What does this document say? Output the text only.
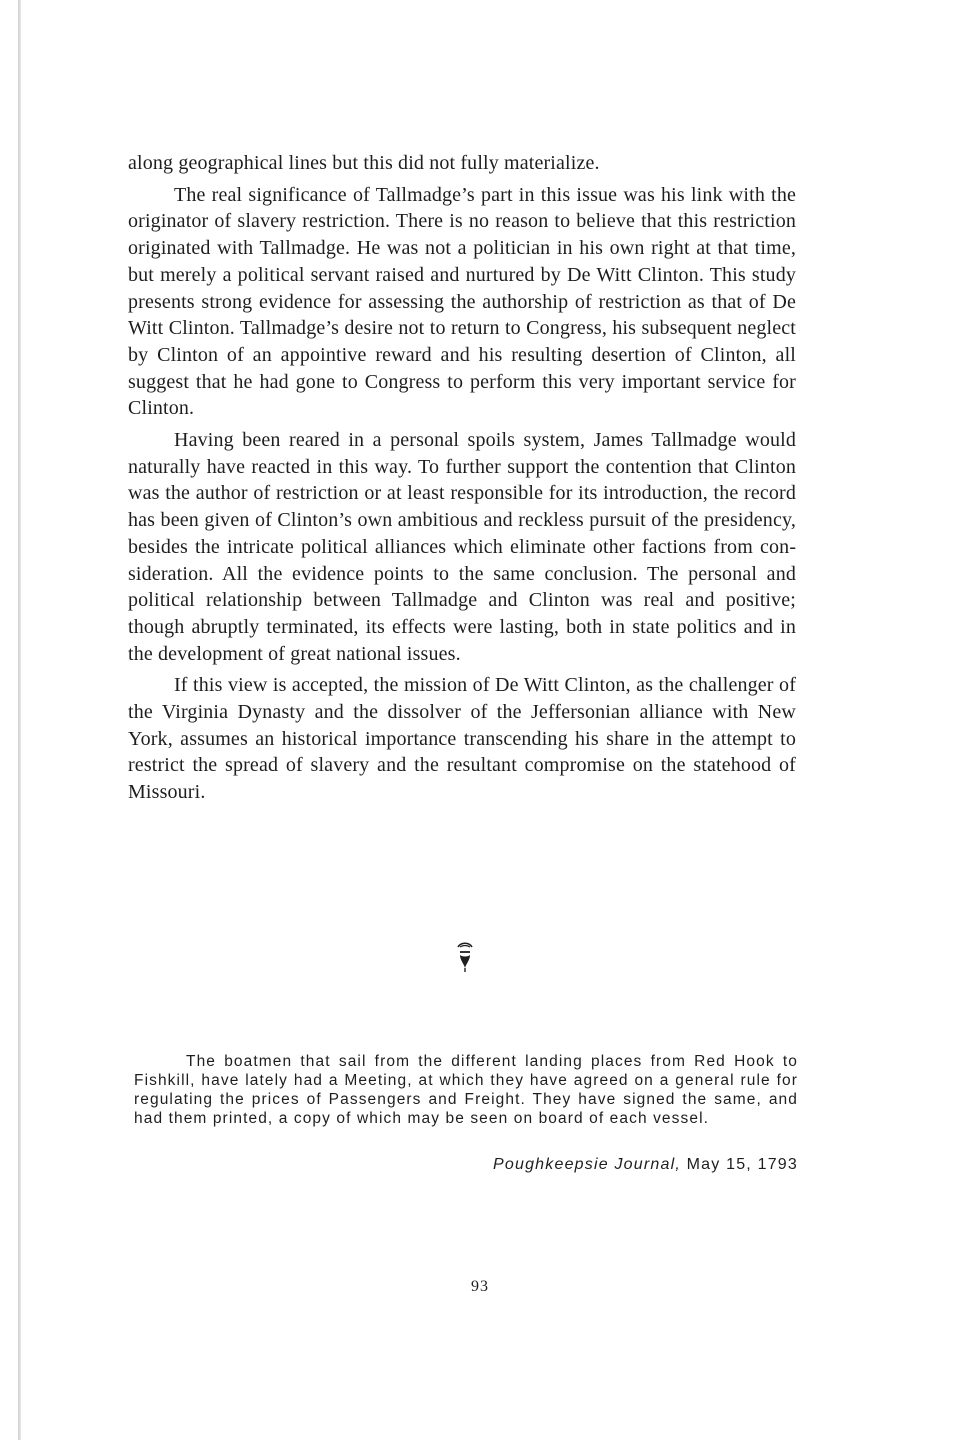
along geographical lines but this did not fully materialize.

The real significance of Tallmadge’s part in this issue was his link with the originator of slavery restriction. There is no reason to believe that this restriction originated with Tallmadge. He was not a politician in his own right at that time, but merely a political servant raised and nurtured by De Witt Clinton. This study presents strong evidence for assessing the authorship of restriction as that of De Witt Clinton. Tallmadge’s desire not to return to Congress, his subsequent neglect by Clinton of an appointive reward and his resulting desertion of Clinton, all suggest that he had gone to Congress to perform this very important service for Clinton.

Having been reared in a personal spoils system, James Tallmadge would naturally have reacted in this way. To further support the contention that Clinton was the author of restriction or at least responsible for its introduction, the record has been given of Clinton’s own ambitious and reckless pursuit of the presidency, besides the intricate political alliances which eliminate other factions from consideration. All the evidence points to the same conclusion. The personal and political relationship between Tallmadge and Clinton was real and positive; though abruptly terminated, its effects were lasting, both in state politics and in the development of great national issues.

If this view is accepted, the mission of De Witt Clinton, as the challenger of the Virginia Dynasty and the dissolver of the Jeffersonian alliance with New York, assumes an historical importance transcending his share in the attempt to restrict the spread of slavery and the resultant compromise on the statehood of Missouri.

The boatmen that sail from the different landing places from Red Hook to Fishkill, have lately had a Meeting, at which they have agreed on a general rule for regulating the prices of Passengers and Freight. They have signed the same, and had them printed, a copy of which may be seen on board of each vessel.

Poughkeepsie Journal, May 15, 1793
93
